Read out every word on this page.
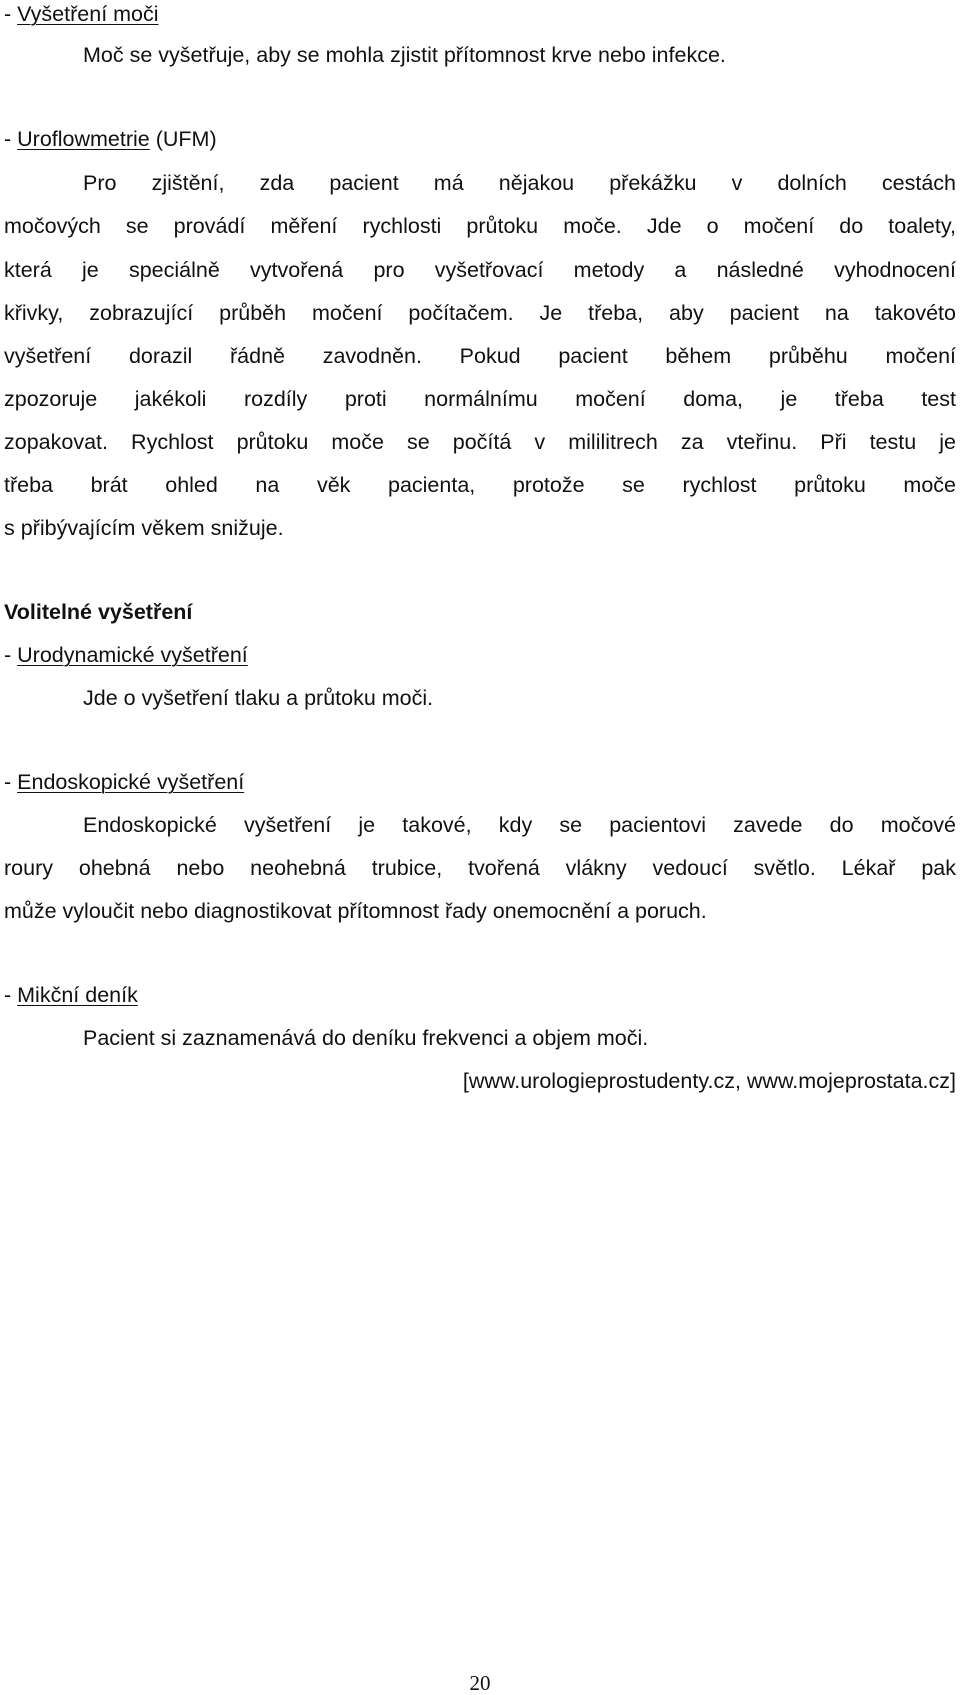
- Vyšetření moči
Moč se vyšetřuje, aby se mohla zjistit přítomnost krve nebo infekce.
- Uroflowmetrie (UFM)
Pro zjištění, zda pacient má nějakou překážku v dolních cestách
močových se provádí měření rychlosti průtoku moče. Jde o močení do toalety,
která je speciálně vytvořená pro vyšetřovací metody a následné vyhodnocení
křivky, zobrazující průběh močení počítačem. Je třeba, aby pacient na takovéto
vyšetření dorazil řádně zavodněn. Pokud pacient během průběhu močení
zpozoruje jakékoli rozdíly proti normálnímu močení doma, je třeba test
zopakovat. Rychlost průtoku moče se počítá v mililitrech za vteřinu. Při testu je
třeba brát ohled na věk pacienta, protože se rychlost průtoku moče
s přibývajícím věkem snižuje.
Volitelné vyšetření
- Urodynamické vyšetření
Jde o vyšetření tlaku a průtoku moči.
- Endoskopické vyšetření
Endoskopické vyšetření je takové, kdy se pacientovi zavede do močové
roury ohebná nebo neohebná trubice, tvořená vlákny vedoucí světlo. Lékař pak
může vyloučit nebo diagnostikovat přítomnost řady onemocnění a poruch.
- Mikční deník
Pacient si zaznamenává do deníku frekvenci a objem moči.
[www.urologieprostudenty.cz, www.mojeprostata.cz]
20
